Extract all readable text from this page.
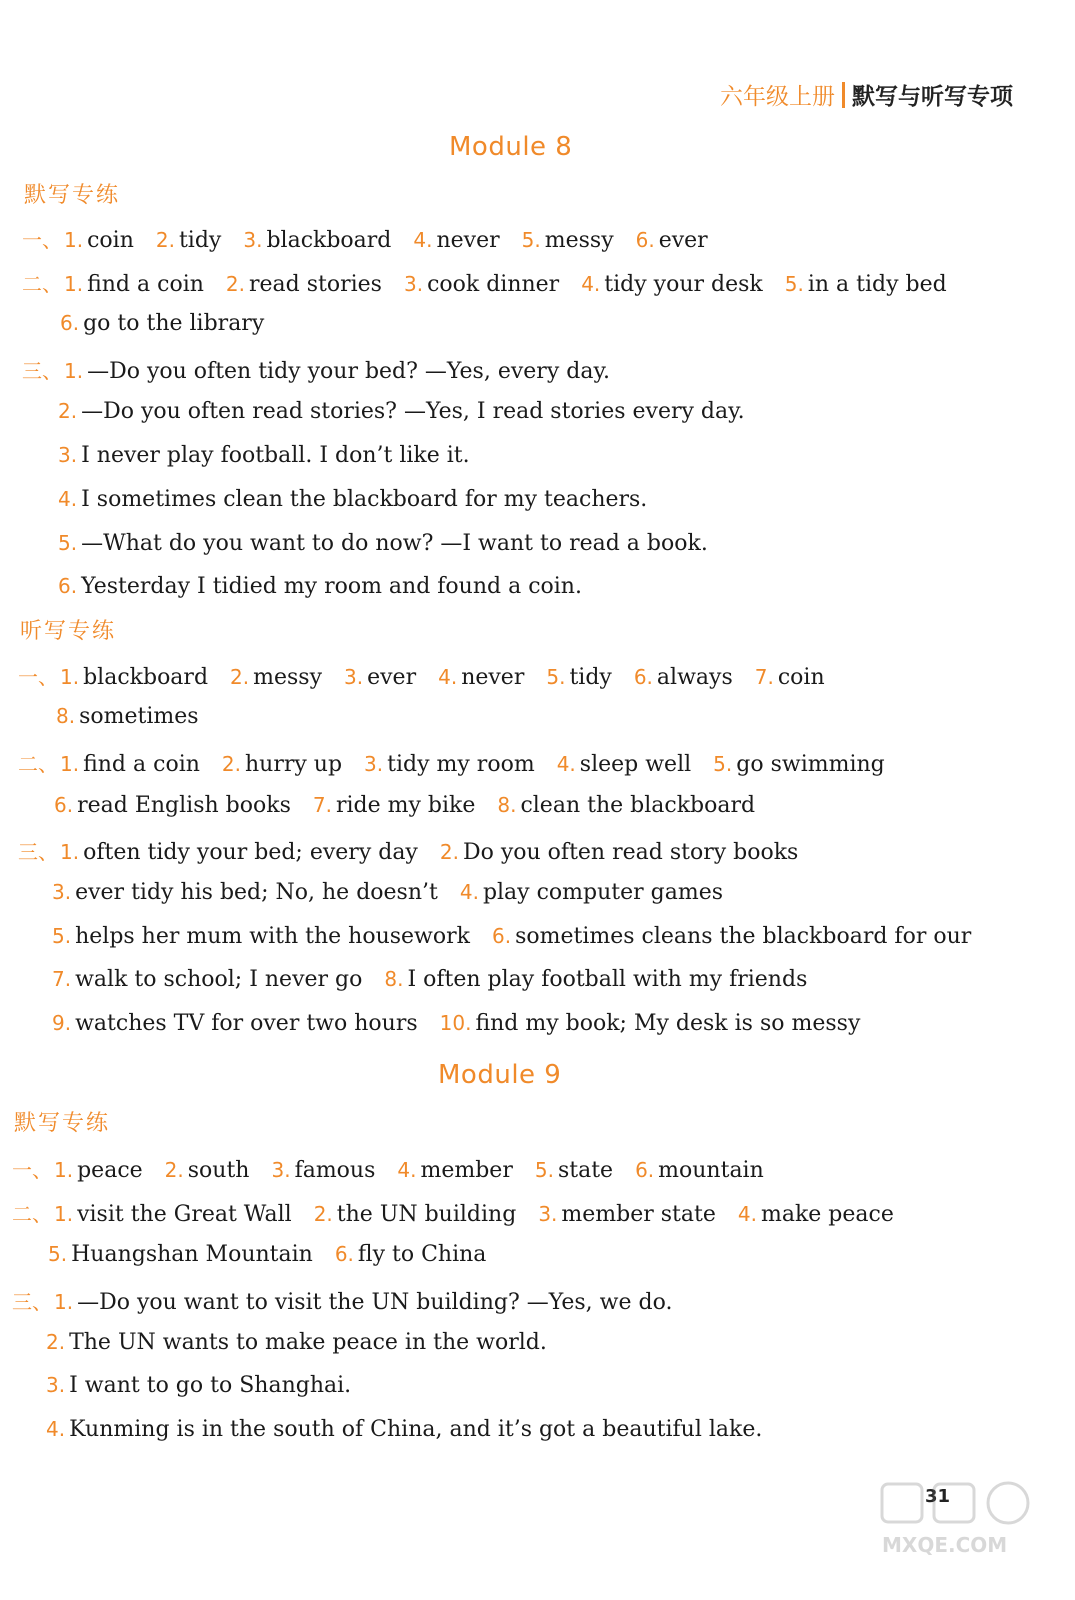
六年级上册 默写与听写专项
Module 8
默写专练
一、 1. coin 2. tidy 3. blackboard 4. never 5. messy 6. ever
二、 1. find a coin 2. read stories 3. cook dinner 4. tidy your desk 5. in a tidy bed
6. go to the library
三、 1. —Do you often tidy your bed? —Yes, every day.
2. —Do you often read stories? —Yes, I read stories every day.
3. I never play football. I don’t like it.
4. I sometimes clean the blackboard for my teachers.
5. —What do you want to do now? —I want to read a book.
6. Yesterday I tidied my room and found a coin.
听写专练
一、 1. blackboard 2. messy 3. ever 4. never 5. tidy 6. always 7. coin
8. sometimes
二、 1. find a coin 2. hurry up 3. tidy my room 4. sleep well 5. go swimming
6. read English books 7. ride my bike 8. clean the blackboard
三、 1. often tidy your bed; every day 2. Do you often read story books
3. ever tidy his bed; No, he doesn’t 4. play computer games
5. helps her mum with the housework 6. sometimes cleans the blackboard for our
7. walk to school; I never go 8. I often play football with my friends
9. watches TV for over two hours 10. find my book; My desk is so messy
Module 9
默写专练
一、 1. peace 2. south 3. famous 4. member 5. state 6. mountain
二、 1. visit the Great Wall 2. the UN building 3. member state 4. make peace
5. Huangshan Mountain 6. fly to China
三、 1. —Do you want to visit the UN building? —Yes, we do.
2. The UN wants to make peace in the world.
3. I want to go to Shanghai.
4. Kunming is in the south of China, and it’s got a beautiful lake.
31
MXQE.COM
